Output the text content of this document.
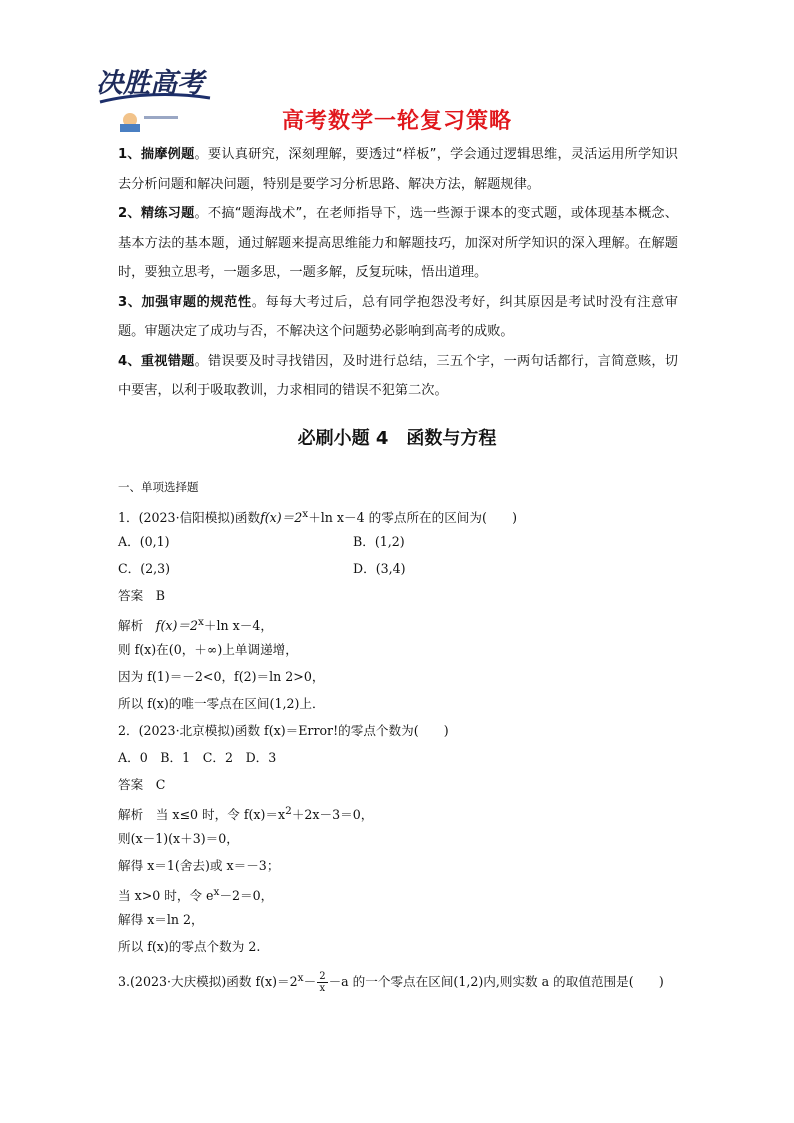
决胜高考
高考数学一轮复习策略

1、揣摩例题。要认真研究，深刻理解，要透过“样板”，学会通过逻辑思维，灵活运用所学知识去分析问题和解决问题，特别是要学习分析思路、解决方法，解题规律。

2、精练习题。不搞“题海战术”，在老师指导下，选一些源于课本的变式题，或体现基本概念、基本方法的基本题，通过解题来提高思维能力和解题技巧，加深对所学知识的深入理解。在解题时，要独立思考，一题多思，一题多解，反复玩味，悟出道理。

3、加强审题的规范性。每每大考过后，总有同学抱怨没考好，纠其原因是考试时没有注意审题。审题决定了成功与否，不解决这个问题势必影响到高考的成败。

4、重视错题。错误要及时寻找错因，及时进行总结，三五个字，一两句话都行，言简意赅，切中要害，以利于吸取教训，力求相同的错误不犯第二次。

必刷小题 4　函数与方程
一、单项选择题
1．(2023·信阳模拟)函数$f(x)=2^x+\ln$ x－4 的零点所在的区间为(　　)
A．(0,1)	B．(1,2)
C．(2,3)	D．(3,4)
答案　B
解析　$f(x)=2^x+\ln$ x－4，
则 f(x)在(0，＋∞)上单调递增，
因为 f(1)＝－2<0，f(2)＝ln 2>0，
所以 f(x)的唯一零点在区间(1,2)上．
2．(2023·北京模拟)函数 f(x)＝Error!的零点个数为(　　)
A．0　B．1　C．2　D．3
答案　C
解析　当 x≤0 时，令 $f(x)=x^2+2x-3=0$，
则(x－1)(x＋3)＝0，
解得 x＝1(舍去)或 x＝－3；
当 x>0 时，令 $e^x-2=0$，
解得 x＝ln 2，
所以 f(x)的零点个数为 2.
3.(2023·大庆模拟)函数 $f(x)=2^x- \frac{2}{x} -a$ 的一个零点在区间(1,2)内,则实数 a 的取值范围是(　　)
